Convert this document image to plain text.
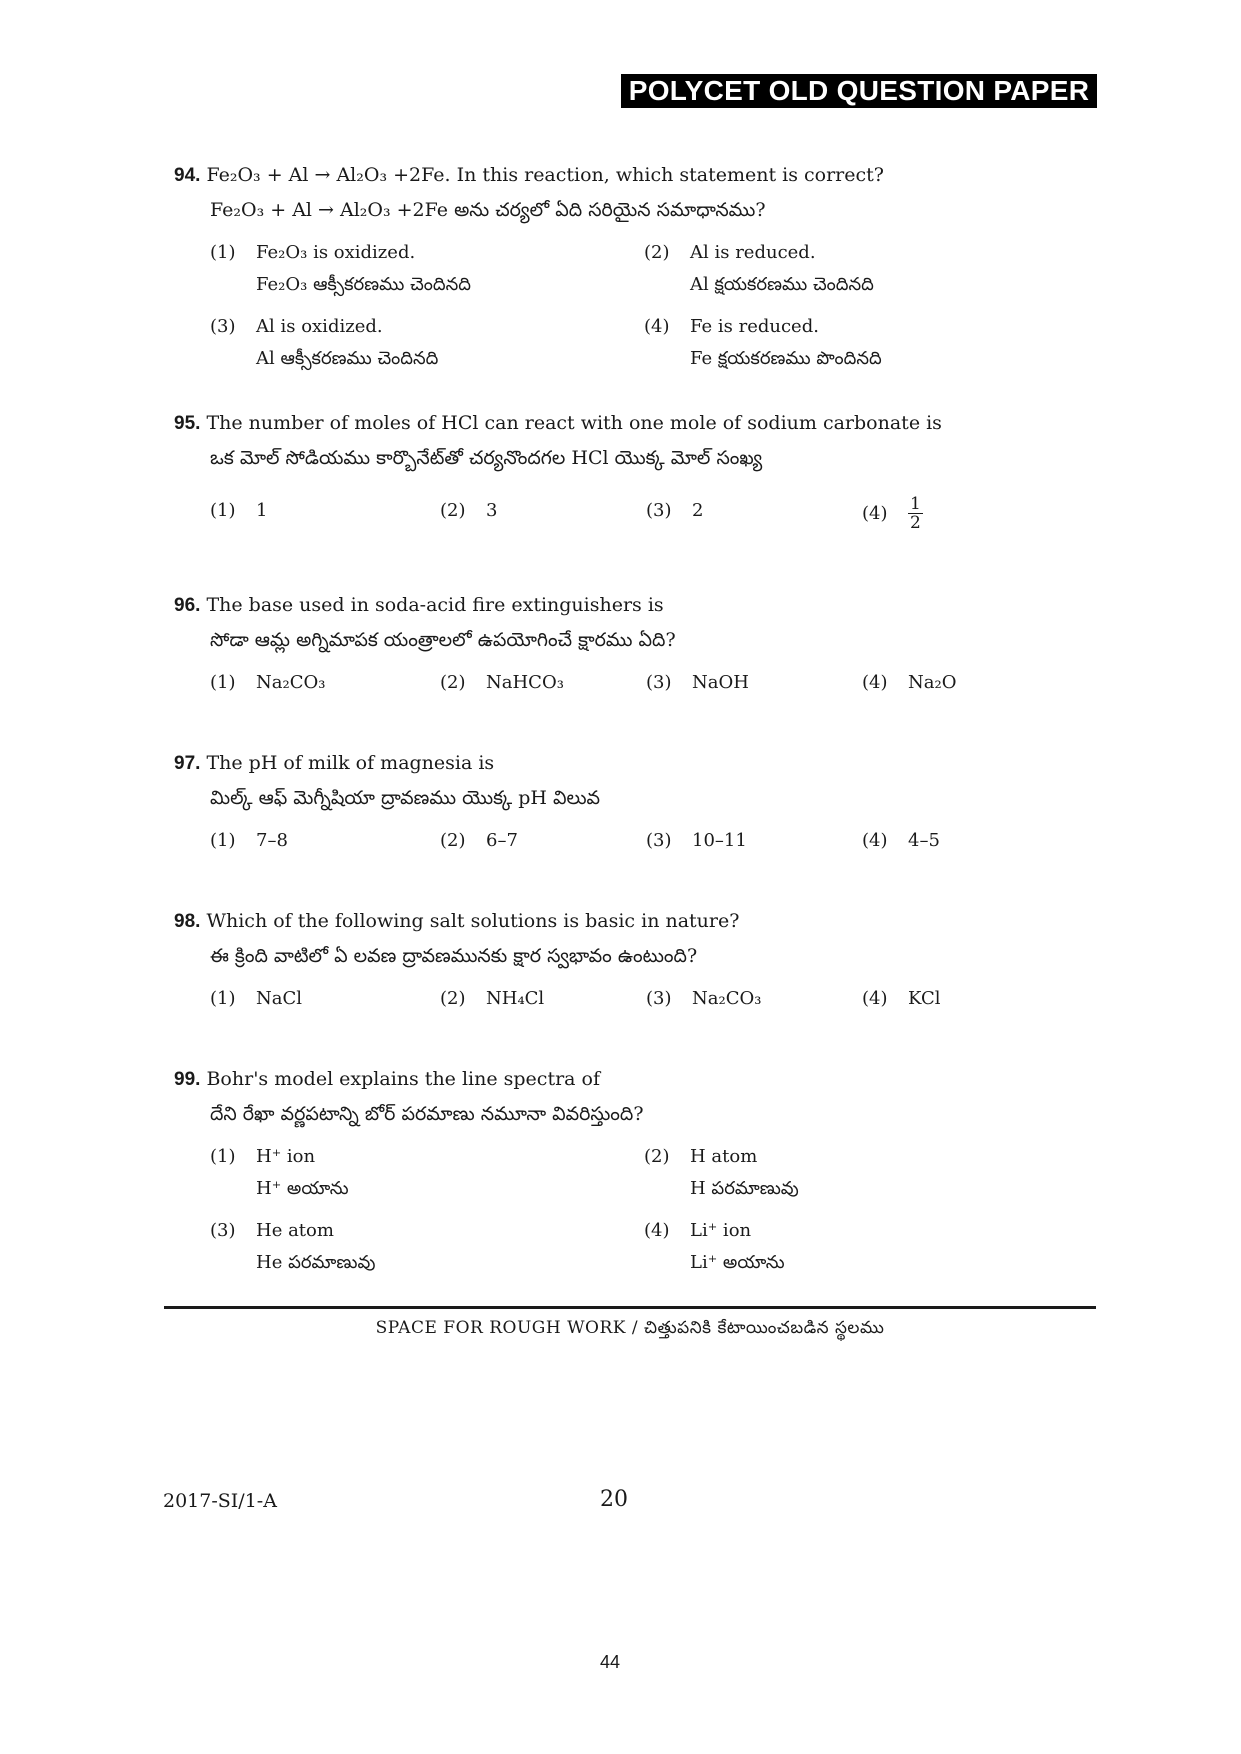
POLYCET OLD QUESTION PAPER
94. Fe₂O₃ + Al → Al₂O₃ +2Fe. In this reaction, which statement is correct?
Fe₂O₃ + Al → Al₂O₃ +2Fe అను చర్యలో ఏది సరియైన సమాధానము?
(1) Fe₂O₃ is oxidized.
Fe₂O₃ ఆక్సీకరణము చెందినది
(2) Al is reduced.
Al క్షయకరణము చెందినది
(3) Al is oxidized.
Al ఆక్సీకరణము చెందినది
(4) Fe is reduced.
Fe క్షయకరణము పొందినది
95. The number of moles of HCl can react with one mole of sodium carbonate is
ఒక మోల్ సోడియము కార్బొనేట్‌తో చర్యనొందగల HCl యొక్క మోల్ సంఖ్య
(1) 1	(2) 3	(3) 2	$(4) \frac{1}{2}$
96. The base used in soda-acid fire extinguishers is
సోడా ఆమ్ల అగ్నిమాపక యంత్రాలలో ఉపయోగించే క్షారము ఏది?
(1) Na₂CO₃	(2) NaHCO₃	(3) NaOH	(4) Na₂O
97. The pH of milk of magnesia is
మిల్క్ ఆఫ్ మెగ్నీషియా ద్రావణము యొక్క pH విలువ
(1) 7–8	(2) 6–7	(3) 10–11	(4) 4–5
98. Which of the following salt solutions is basic in nature?
ఈ క్రింది వాటిలో ఏ లవణ ద్రావణమునకు క్షార స్వభావం ఉంటుంది?
(1) NaCl	(2) NH₄Cl	(3) Na₂CO₃	(4) KCl
99. Bohr's model explains the line spectra of
దేని రేఖా వర్ణపటాన్ని బోర్ పరమాణు నమూనా వివరిస్తుంది?
(1) H⁺ ion
H⁺ అయాను
(2) H atom
H పరమాణువు
(3) He atom
He పరమాణువు
(4) Li⁺ ion
Li⁺ అయాను
SPACE FOR ROUGH WORK / చిత్తుపనికి కేటాయించబడిన స్థలము
2017-SI/1-A	20
44
